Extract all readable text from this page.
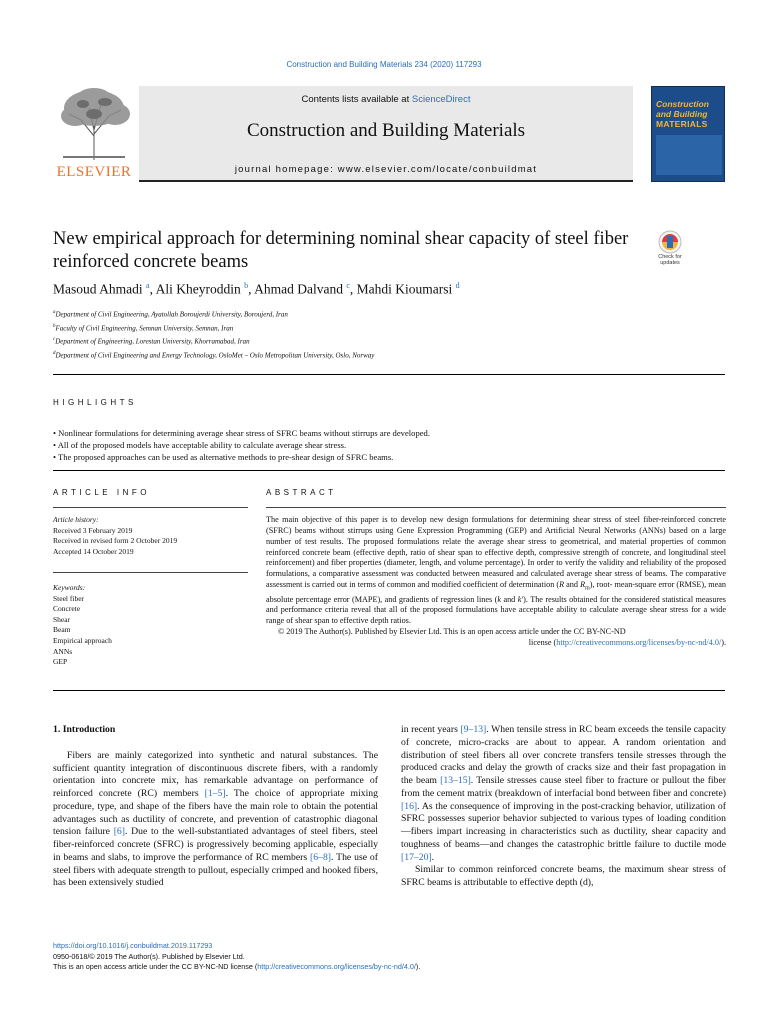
Construction and Building Materials 234 (2020) 117293
ELSEVIER
Contents lists available at ScienceDirect
Construction and Building Materials
journal homepage: www.elsevier.com/locate/conbuildmat
Construction
and Building
MATERIALS
New empirical approach for determining nominal shear capacity of steel fiber reinforced concrete beams	Check for updates
Masoud Ahmadi $^a$, Ali Kheyroddin $^b$, Ahmad Dalvand $^c$, Mahdi Kioumarsi $^d$
$^a$Department of Civil Engineering, Ayatollah Boroujerdi University, Boroujerd, Iran
$^b$Faculty of Civil Engineering, Semnan University, Semnan, Iran
$^c$Department of Engineering, Lorestan University, Khorramabad, Iran
$^d$Department of Civil Engineering and Energy Technology, OsloMet – Oslo Metropolitan University, Oslo, Norway
HIGHLIGHTS
• Nonlinear formulations for determining average shear stress of SFRC beams without stirrups are developed.
• All of the proposed models have acceptable ability to calculate average shear stress.
• The proposed approaches can be used as alternative methods to pre-shear design of SFRC beams.
ARTICLE INFO
Article history:
Received 3 February 2019
Received in revised form 2 October 2019
Accepted 14 October 2019
Keywords:
Steel fiber
Concrete
Shear
Beam
Empirical approach
ANNs
GEP
ABSTRACT
The main objective of this paper is to develop new design formulations for determining shear stress of steel fiber-reinforced concrete (SFRC) beams without stirrups using Gene Expression Programming (GEP) and Artificial Neural Networks (ANNs) based on a large number of test results. The proposed formulations relate the average shear stress to geometrical, and material properties of common reinforced concrete beam (effective depth, ratio of shear span to effective depth, compressive strength of concrete, and longitudinal steel reinforcement) and fiber properties (diameter, length, and volume percentage). In order to verify the validity and reliability of the proposed formulations, a comparative assessment was conducted between measured and calculated average shear stress of beams. The comparative assessment is carried out in terms of common and modified coefficient of determination (R and $R_m$), root- mean-square error (RMSE), mean absolute percentage error (MAPE), and gradients of regression lines (k and k'). The results obtained for the considered statistical measures and performance criteria reveal that all of the proposed formulations have acceptable ability to calculate average shear stress for a wide range of shear span to effective depth ratios.
© 2019 The Author(s). Published by Elsevier Ltd. This is an open access article under the CC BY-NC-ND
license (http://creativecommons.org/licenses/by-nc-nd/4.0/).
1. Introduction

Fibers are mainly categorized into synthetic and natural substances. The sufficient quantity integration of discontinuous discrete fibers, with a randomly orientation into concrete mix, has remarkable advantage on performance of reinforced concrete (RC) members [1–5]. The choice of appropriate mixing procedure, type, and shape of the fibers have the main role to obtain the potential advantages such as ductility of concrete, and prevention of catastrophic diagonal tension failure [6]. Due to the well-substantiated advantages of steel fibers, steel fiber-reinforced concrete (SFRC) is progressively becoming applicable, especially in beams and slabs, to improve the performance of RC members [6–8]. The use of steel fibers with adequate strength to pullout, especially crimped and hooked fibers, has been extensively studied

in recent years [9–13]. When tensile stress in RC beam exceeds the tensile capacity of concrete, micro-cracks are about to appear. A random orientation and distribution of steel fibers all over concrete transfers tensile stresses through the produced cracks and delay the growth of cracks size and their fast propagation in the beam [13–15]. Tensile stresses cause steel fiber to fracture or pullout the fiber from the cement matrix (breakdown of interfacial bond between fiber and concrete) [16]. As the consequence of improving in the post-cracking behavior, utilization of SFRC possesses superior behavior subjected to various types of loading condition—fibers impart increasing in characteristics such as ductility, shear capacity and toughness of beams—and changes the catastrophic brittle failure to ductile mode [17–20].

Similar to common reinforced concrete beams, the maximum shear stress of SFRC beams is attributable to effective depth (d),

https://doi.org/10.1016/j.conbuildmat.2019.117293
0950-0618/© 2019 The Author(s). Published by Elsevier Ltd.
This is an open access article under the CC BY-NC-ND license (http://creativecommons.org/licenses/by-nc-nd/4.0/).
